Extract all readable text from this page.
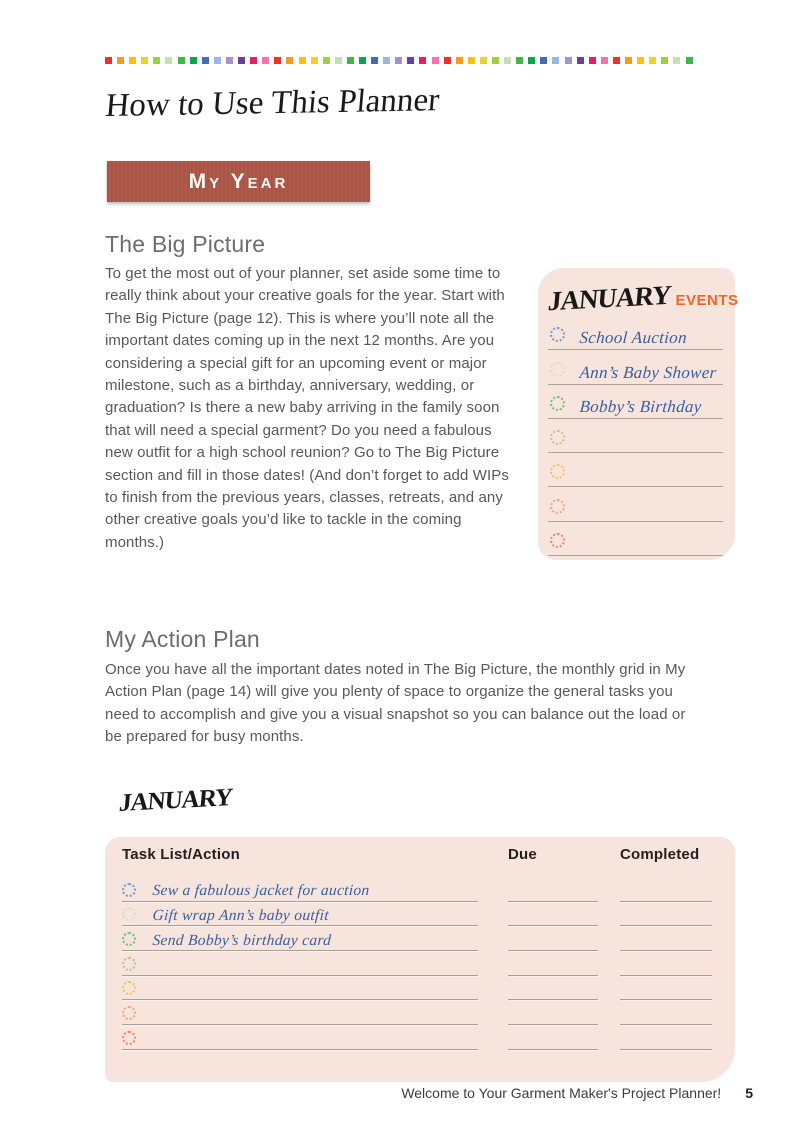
How to Use This Planner
My Year
The Big Picture
To get the most out of your planner, set aside some time to really think about your creative goals for the year. Start with The Big Picture (page 12). This is where you’ll note all the important dates coming up in the next 12 months. Are you considering a special gift for an upcoming event or major milestone, such as a birthday, anniversary, wedding, or graduation? Is there a new baby arriving in the family soon that will need a special garment? Do you need a fabulous new outfit for a high school reunion? Go to The Big Picture section and fill in those dates! (And don’t forget to add WIPs to finish from the previous years, classes, retreats, and any other creative goals you’d like to tackle in the coming months.)
JANUARY EVENTS
School Auction
Ann’s Baby Shower
Bobby’s Birthday
My Action Plan
Once you have all the important dates noted in The Big Picture, the monthly grid in My Action Plan (page 14) will give you plenty of space to organize the general tasks you need to accomplish and give you a visual snapshot so you can balance out the load or be prepared for busy months.
JANUARY
Task List/Action	Due	Completed
Sew a fabulous jacket for auction
Gift wrap Ann’s baby outfit
Send Bobby’s birthday card
Welcome to Your Garment Maker's Project Planner! 5
